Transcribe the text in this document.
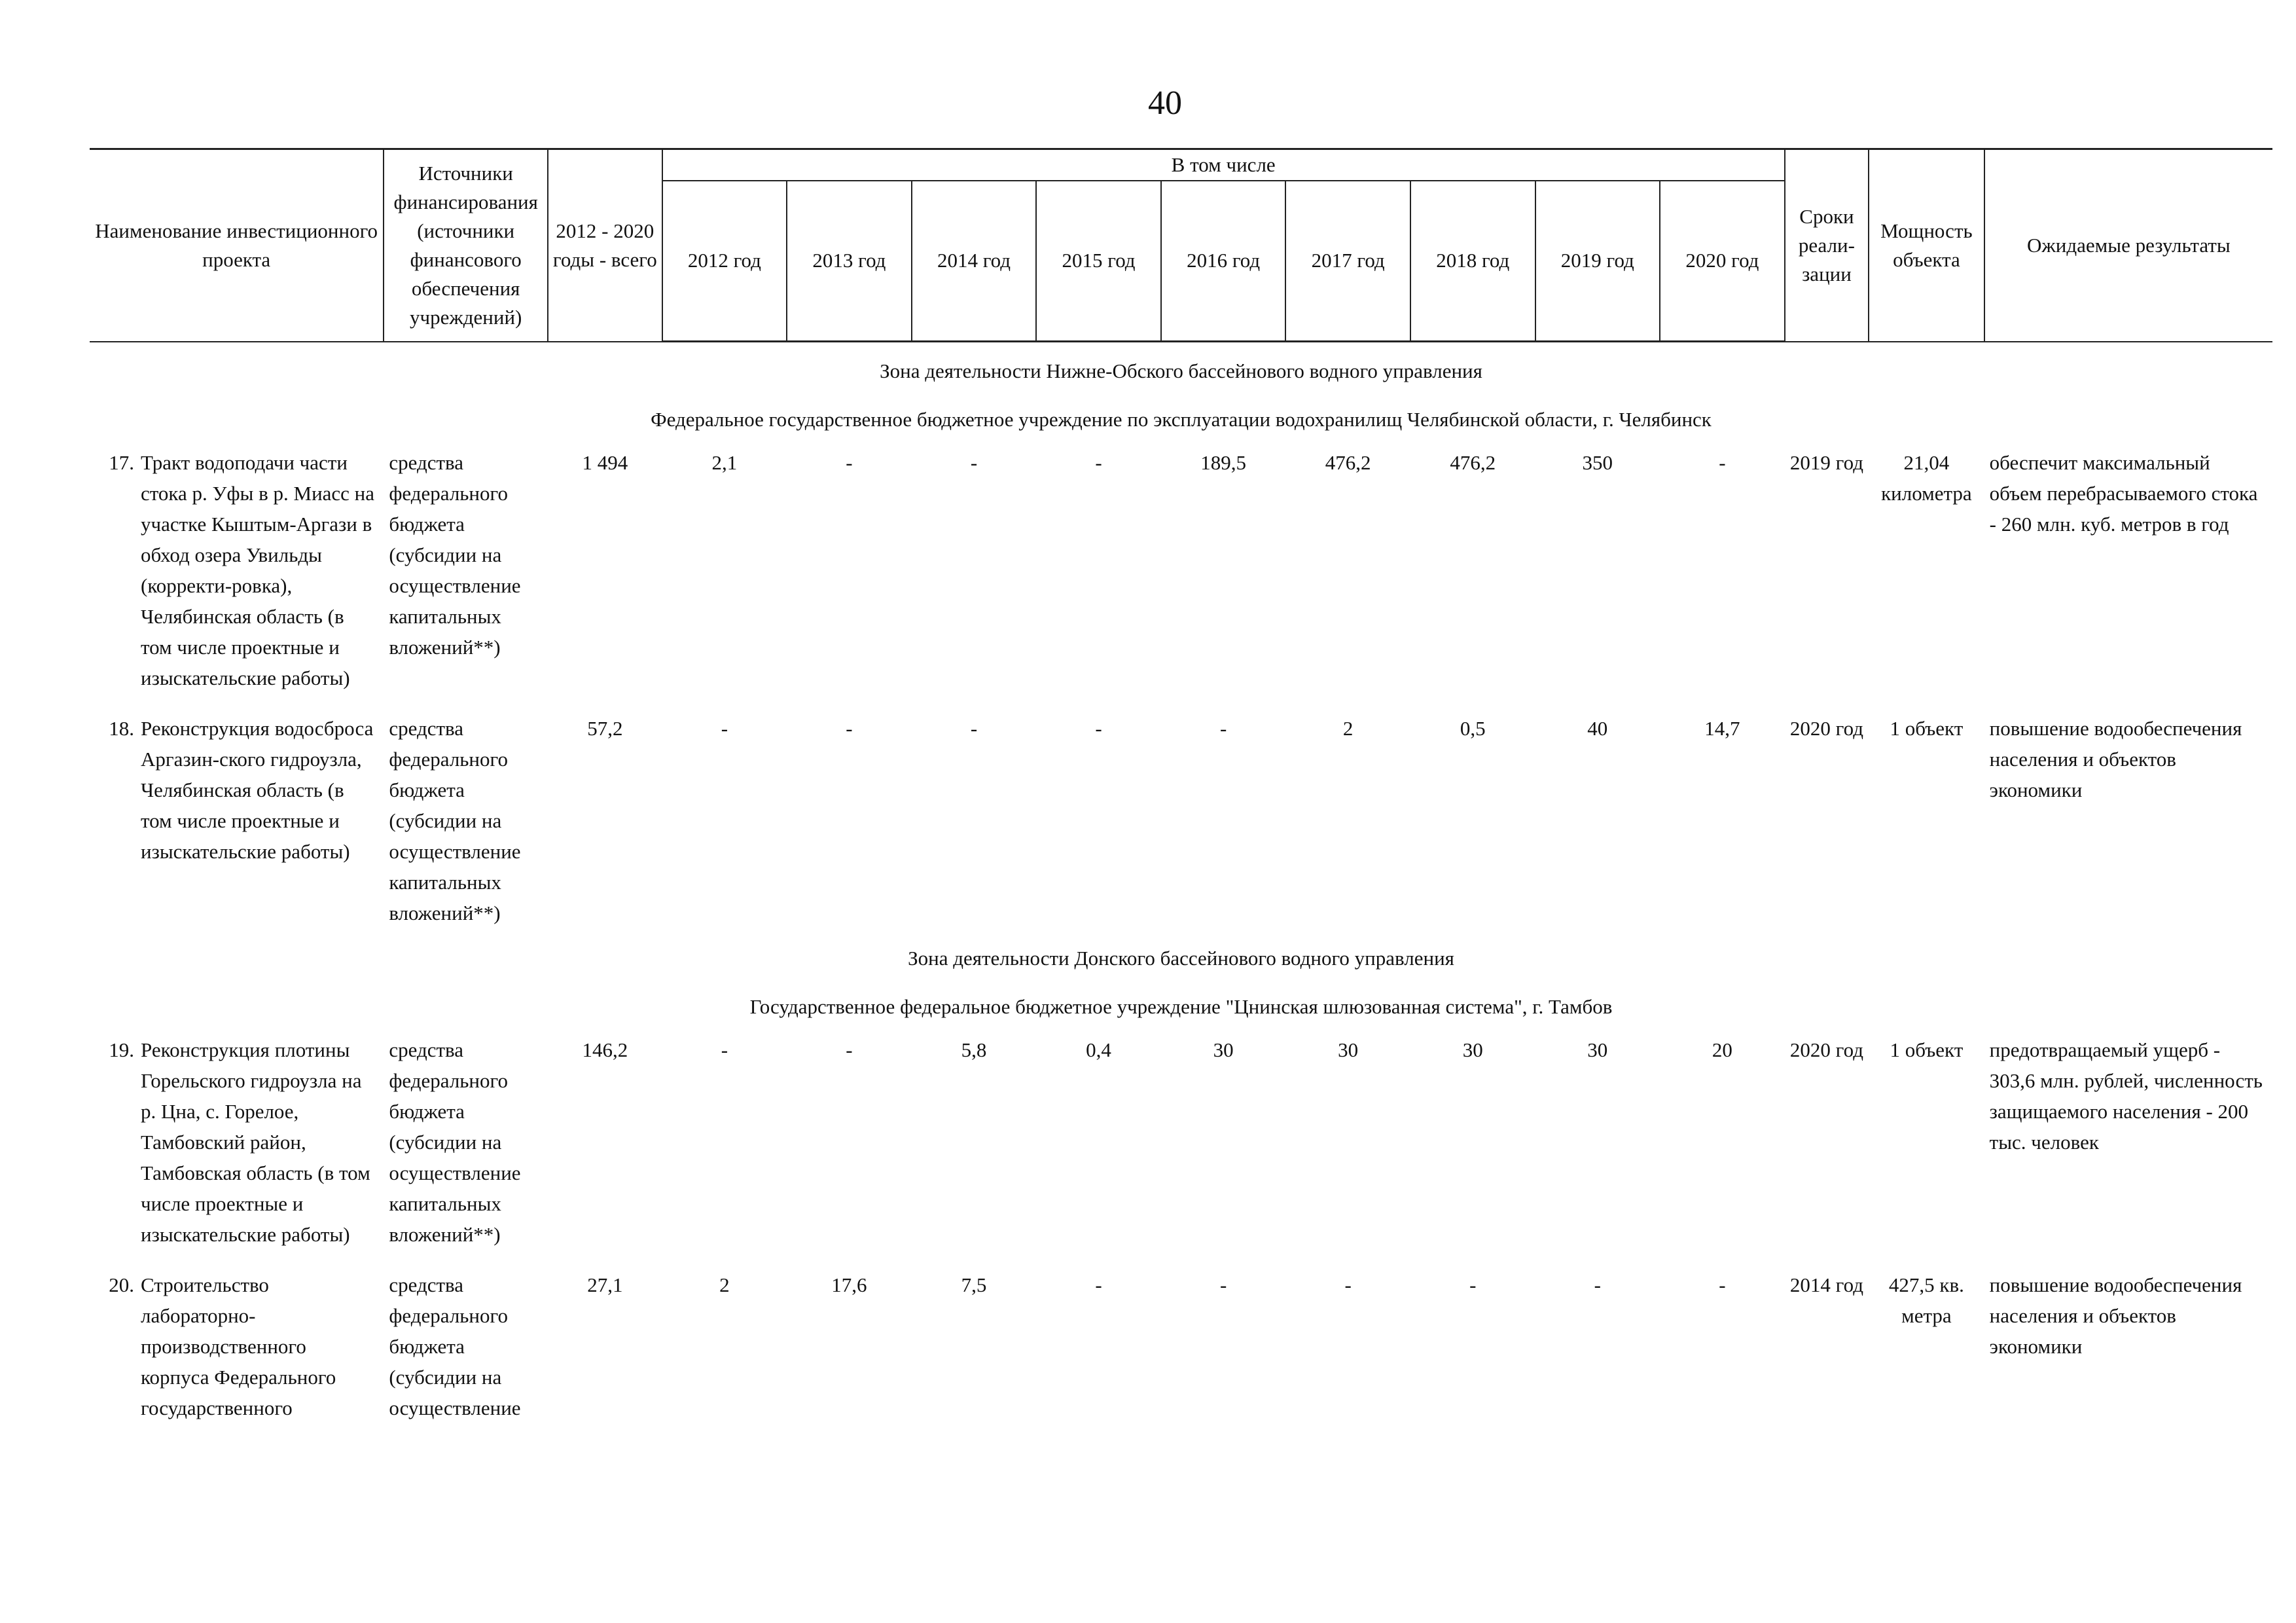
40
Наименование инвестиционного проекта	Источники финансирования (источники финансового обеспечения учреждений)	2012 - 2020 годы - всего	В том числе									Сроки реали- зации	Мощность объекта	Ожидаемые результаты
			2012 год	2013 год	2014 год	2015 год	2016 год	2017 год	2018 год	2019 год	2020 год			
Зона деятельности Нижне-Обского бассейнового водного управления														
Федеральное государственное бюджетное учреждение по эксплуатации водохранилищ Челябинской области, г. Челябинск														

17. Тракт водоподачи части стока р. Уфы в р. Миасс на участке Кыштым-Аргази в обход озера Увильды (корректи-ровка), Челябинская область (в том числе проектные и изыскательские работы)	средства федерального бюджета (субсидии на осуществление капитальных вложений**)	1 494	2,1	-	-	-	189,5	476,2	476,2	350	-	2019 год	21,04 километра	обеспечит максимальный объем перебрасываемого стока - 260 млн. куб. метров в год

18. Реконструкция водосброса Аргазин-ского гидроузла, Челябинская область (в том числе проектные и изыскательские работы)	средства федерального бюджета (субсидии на осуществление капитальных вложений**)	57,2	-	-	-	-	-	2	0,5	40	14,7	2020 год	1 объект	повышение водообеспечения населения и объектов экономики
Зона деятельности Донского бассейнового водного управления														
Государственное федеральное бюджетное учреждение "Цнинская шлюзованная система", г. Тамбов														

19. Реконструкция плотины Горельского гидроузла на р. Цна, с. Горелое, Тамбовский район, Тамбовская область (в том числе проектные и изыскательские работы)	средства федерального бюджета (субсидии на осуществление капитальных вложений**)	146,2	-	-	5,8	0,4	30	30	30	30	20	2020 год	1 объект	предотвращаемый ущерб - 303,6 млн. рублей, численность защищаемого населения - 200 тыс. человек

20. Строительство лабораторно-производственного корпуса Федерального государственного	средства федерального бюджета (субсидии на осуществление	27,1	2	17,6	7,5	-	-	-	-	-	-	2014 год	427,5 кв. метра	повышение водообеспечения населения и объектов экономики
